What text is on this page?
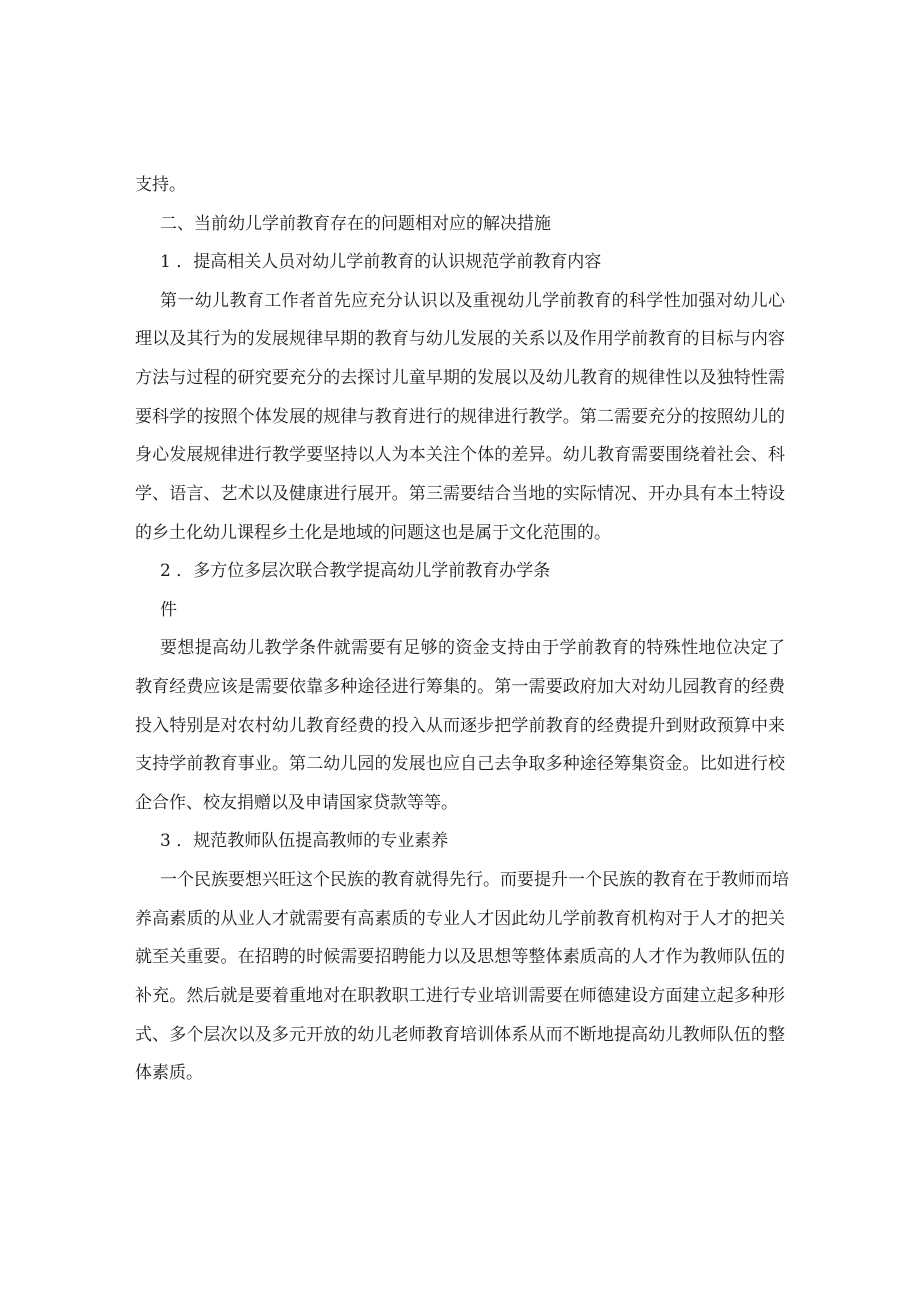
支持。
二、当前幼儿学前教育存在的问题相对应的解决措施
1 ．提高相关人员对幼儿学前教育的认识规范学前教育内容
第一幼儿教育工作者首先应充分认识以及重视幼儿学前教育的科学性加强对幼儿心
理以及其行为的发展规律早期的教育与幼儿发展的关系以及作用学前教育的目标与内容
方法与过程的研究要充分的去探讨儿童早期的发展以及幼儿教育的规律性以及独特性需
要科学的按照个体发展的规律与教育进行的规律进行教学。第二需要充分的按照幼儿的
身心发展规律进行教学要坚持以人为本关注个体的差异。幼儿教育需要围绕着社会、科
学、语言、艺术以及健康进行展开。第三需要结合当地的实际情况、开办具有本土特设
的乡土化幼儿课程乡土化是地域的问题这也是属于文化范围的。
2 ．多方位多层次联合教学提高幼儿学前教育办学条
件
要想提高幼儿教学条件就需要有足够的资金支持由于学前教育的特殊性地位决定了
教育经费应该是需要依靠多种途径进行筹集的。第一需要政府加大对幼儿园教育的经费
投入特别是对农村幼儿教育经费的投入从而逐步把学前教育的经费提升到财政预算中来
支持学前教育事业。第二幼儿园的发展也应自己去争取多种途径筹集资金。比如进行校
企合作、校友捐赠以及申请国家贷款等等。
3 ．规范教师队伍提高教师的专业素养
一个民族要想兴旺这个民族的教育就得先行。而要提升一个民族的教育在于教师而培
养高素质的从业人才就需要有高素质的专业人才因此幼儿学前教育机构对于人才的把关
就至关重要。在招聘的时候需要招聘能力以及思想等整体素质高的人才作为教师队伍的
补充。然后就是要着重地对在职教职工进行专业培训需要在师德建设方面建立起多种形
式、多个层次以及多元开放的幼儿老师教育培训体系从而不断地提高幼儿教师队伍的整
体素质。
